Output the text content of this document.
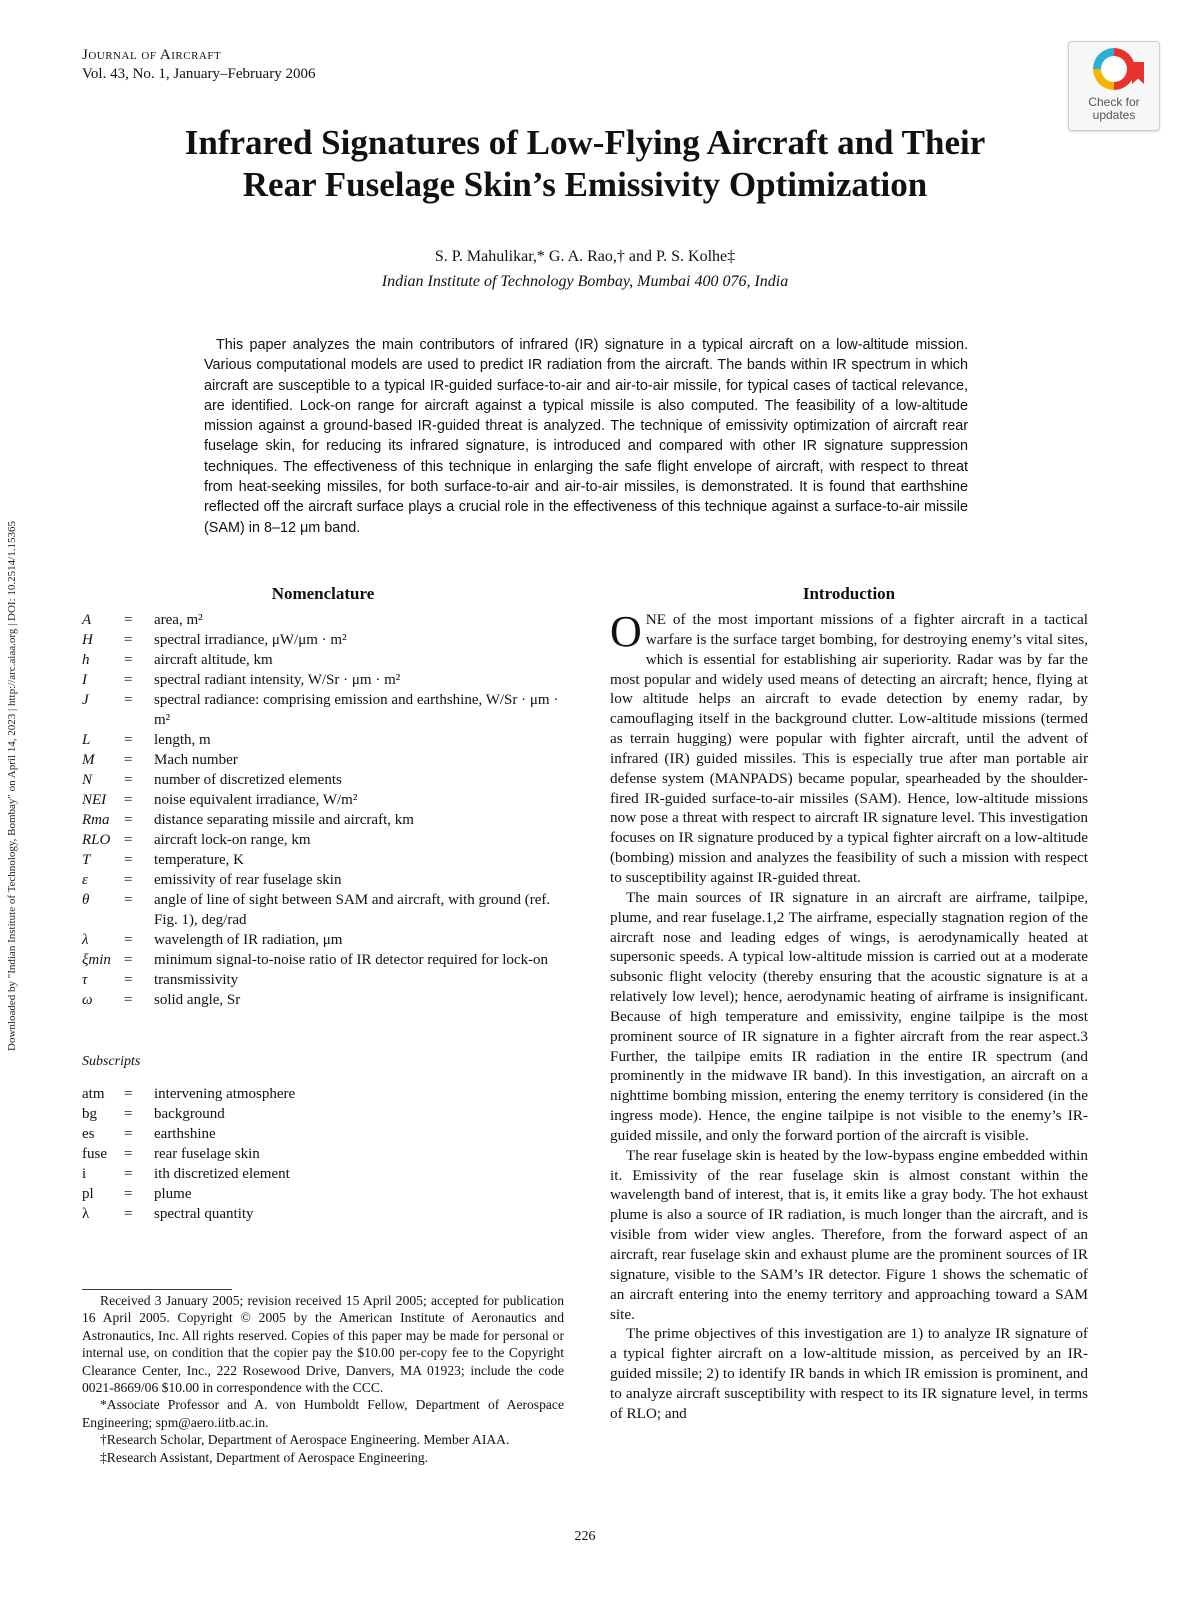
Journal of Aircraft
Vol. 43, No. 1, January–February 2006
Check for
updates
Infrared Signatures of Low-Flying Aircraft and Their
Rear Fuselage Skin’s Emissivity Optimization
S. P. Mahulikar,* G. A. Rao,† and P. S. Kolhe‡
Indian Institute of Technology Bombay, Mumbai 400 076, India
This paper analyzes the main contributors of infrared (IR) signature in a typical aircraft on a low-altitude mission. Various computational models are used to predict IR radiation from the aircraft. The bands within IR spectrum in which aircraft are susceptible to a typical IR-guided surface-to-air and air-to-air missile, for typical cases of tactical relevance, are identified. Lock-on range for aircraft against a typical missile is also computed. The feasibility of a low-altitude mission against a ground-based IR-guided threat is analyzed. The technique of emissivity optimization of aircraft rear fuselage skin, for reducing its infrared signature, is introduced and compared with other IR signature suppression techniques. The effectiveness of this technique in enlarging the safe flight envelope of aircraft, with respect to threat from heat-seeking missiles, for both surface-to-air and air-to-air missiles, is demonstrated. It is found that earthshine reflected off the aircraft surface plays a crucial role in the effectiveness of this technique against a surface-to-air missile (SAM) in 8–12 μm band.
Downloaded by "Indian Institute of Technology, Bombay" on April 14, 2023 | http://arc.aiaa.org | DOI: 10.2514/1.15365	Nomenclature
A	=	area, m²
H	=	spectral irradiance, μW/μm · m²
h	=	aircraft altitude, km
I	=	spectral radiant intensity, W/Sr · μm · m²
J	=	spectral radiance: comprising emission and earthshine, W/Sr · μm · m²
L	=	length, m
M	=	Mach number
N	=	number of discretized elements
NEI	=	noise equivalent irradiance, W/m²
Rma =	distance separating missile and aircraft, km
RLO =	aircraft lock-on range, km
T	=	temperature, K
ε	=	emissivity of rear fuselage skin
θ	=	angle of line of sight between SAM and aircraft, with ground (ref. Fig. 1), deg/rad
λ	=	wavelength of IR radiation, μm
ξmin =	minimum signal-to-noise ratio of IR detector required for lock-on
τ	=	transmissivity
ω	=	solid angle, Sr
Subscripts
atm	=	intervening atmosphere
bg	=	background
es	=	earthshine
fuse	=	rear fuselage skin
i	=	ith discretized element
pl	=	plume
λ	=	spectral quantity

Received 3 January 2005; revision received 15 April 2005; accepted for publication 16 April 2005. Copyright © 2005 by the American Institute of Aeronautics and Astronautics, Inc. All rights reserved. Copies of this paper may be made for personal or internal use, on condition that the copier pay the $10.00 per-copy fee to the Copyright Clearance Center, Inc., 222 Rosewood Drive, Danvers, MA 01923; include the code 0021-8669/06 $10.00 in correspondence with the CCC.

*Associate Professor and A. von Humboldt Fellow, Department of Aerospace Engineering; spm@aero.iitb.ac.in.

†Research Scholar, Department of Aerospace Engineering. Member AIAA.

‡Research Assistant, Department of Aerospace Engineering.

Introduction

ONE of the most important missions of a fighter aircraft in a tactical warfare is the surface target bombing, for destroying enemy’s vital sites, which is essential for establishing air superiority. Radar was by far the most popular and widely used means of detecting an aircraft; hence, flying at low altitude helps an aircraft to evade detection by enemy radar, by camouflaging itself in the background clutter. Low-altitude missions (termed as terrain hugging) were popular with fighter aircraft, until the advent of infrared (IR) guided missiles. This is especially true after man portable air defense system (MANPADS) became popular, spearheaded by the shoulder-fired IR-guided surface-to-air missiles (SAM). Hence, low-altitude missions now pose a threat with respect to aircraft IR signature level. This investigation focuses on IR signature produced by a typical fighter aircraft on a low-altitude (bombing) mission and analyzes the feasibility of such a mission with respect to susceptibility against IR-guided threat.

The main sources of IR signature in an aircraft are airframe, tailpipe, plume, and rear fuselage.1,2 The airframe, especially stagnation region of the aircraft nose and leading edges of wings, is aerodynamically heated at supersonic speeds. A typical low-altitude mission is carried out at a moderate subsonic flight velocity (thereby ensuring that the acoustic signature is at a relatively low level); hence, aerodynamic heating of airframe is insignificant. Because of high temperature and emissivity, engine tailpipe is the most prominent source of IR signature in a fighter aircraft from the rear aspect.3 Further, the tailpipe emits IR radiation in the entire IR spectrum (and prominently in the midwave IR band). In this investigation, an aircraft on a nighttime bombing mission, entering the enemy territory is considered (in the ingress mode). Hence, the engine tailpipe is not visible to the enemy’s IR-guided missile, and only the forward portion of the aircraft is visible.

The rear fuselage skin is heated by the low-bypass engine embedded within it. Emissivity of the rear fuselage skin is almost constant within the wavelength band of interest, that is, it emits like a gray body. The hot exhaust plume is also a source of IR radiation, is much longer than the aircraft, and is visible from wider view angles. Therefore, from the forward aspect of an aircraft, rear fuselage skin and exhaust plume are the prominent sources of IR signature, visible to the SAM’s IR detector. Figure 1 shows the schematic of an aircraft entering into the enemy territory and approaching toward a SAM site.

The prime objectives of this investigation are 1) to analyze IR signature of a typical fighter aircraft on a low-altitude mission, as perceived by an IR-guided missile; 2) to identify IR bands in which IR emission is prominent, and to analyze aircraft susceptibility with respect to its IR signature level, in terms of RLO; and

226
